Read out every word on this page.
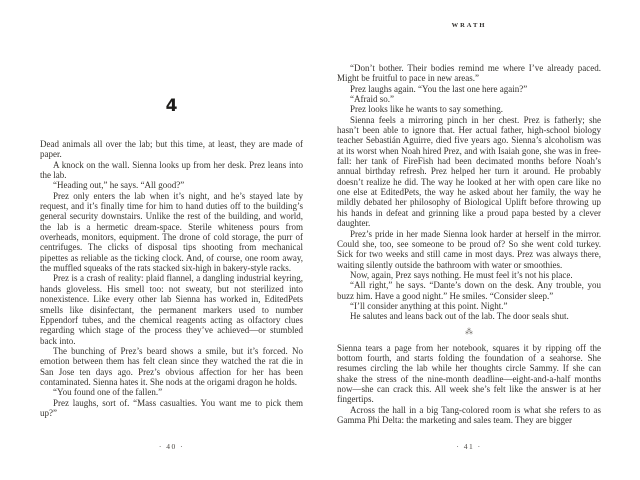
4

Dead animals all over the lab; but this time, at least, they are made of paper.

A knock on the wall. Sienna looks up from her desk. Prez leans into the lab.

“Heading out,” he says. “All good?”

Prez only enters the lab when it’s night, and he’s stayed late by request, and it’s finally time for him to hand duties off to the building’s general security downstairs. Unlike the rest of the building, and world, the lab is a hermetic dream-space. Sterile whiteness pours from overheads, monitors, equipment. The drone of cold storage, the purr of centrifuges. The clicks of disposal tips shooting from mechanical pipettes as reliable as the ticking clock. And, of course, one room away, the muffled squeaks of the rats stacked six-high in bakery-style racks.

Prez is a crash of reality: plaid flannel, a dangling industrial keyring, hands gloveless. His smell too: not sweaty, but not sterilized into nonexistence. Like every other lab Sienna has worked in, EditedPets smells like disinfectant, the permanent markers used to number Eppendorf tubes, and the chemical reagents acting as olfactory clues regarding which stage of the process they’ve achieved—or stumbled back into.

The bunching of Prez’s beard shows a smile, but it’s forced. No emotion between them has felt clean since they watched the rat die in San Jose ten days ago. Prez’s obvious affection for her has been contaminated. Sienna hates it. She nods at the origami dragon he holds.

“You found one of the fallen.”

Prez laughs, sort of. “Mass casualties. You want me to pick them up?”

· 40 ·
WRATH

“Don’t bother. Their bodies remind me where I’ve already paced. Might be fruitful to pace in new areas.”

Prez laughs again. “You the last one here again?”

“Afraid so.”

Prez looks like he wants to say something.

Sienna feels a mirroring pinch in her chest. Prez is fatherly; she hasn’t been able to ignore that. Her actual father, high-school biology teacher Sebastián Aguirre, died five years ago. Sienna’s alcoholism was at its worst when Noah hired Prez, and with Isaiah gone, she was in free-fall: her tank of FireFish had been decimated months before Noah’s annual birthday refresh. Prez helped her turn it around. He probably doesn’t realize he did. The way he looked at her with open care like no one else at EditedPets, the way he asked about her family, the way he mildly debated her philosophy of Biological Uplift before throwing up his hands in defeat and grinning like a proud papa bested by a clever daughter.

Prez’s pride in her made Sienna look harder at herself in the mirror. Could she, too, see someone to be proud of? So she went cold turkey. Sick for two weeks and still came in most days. Prez was always there, waiting silently outside the bathroom with water or smoothies.

Now, again, Prez says nothing. He must feel it’s not his place.

“All right,” he says. “Dante’s down on the desk. Any trouble, you buzz him. Have a good night.” He smiles. “Consider sleep.”

“I’ll consider anything at this point. Night.”

He salutes and leans back out of the lab. The door seals shut.

⁂

Sienna tears a page from her notebook, squares it by ripping off the bottom fourth, and starts folding the foundation of a seahorse. She resumes circling the lab while her thoughts circle Sammy. If she can shake the stress of the nine-month deadline—eight-and-a-half months now—she can crack this. All week she’s felt like the answer is at her fingertips.

Across the hall in a big Tang-colored room is what she refers to as Gamma Phi Delta: the marketing and sales team. They are bigger

· 41 ·
